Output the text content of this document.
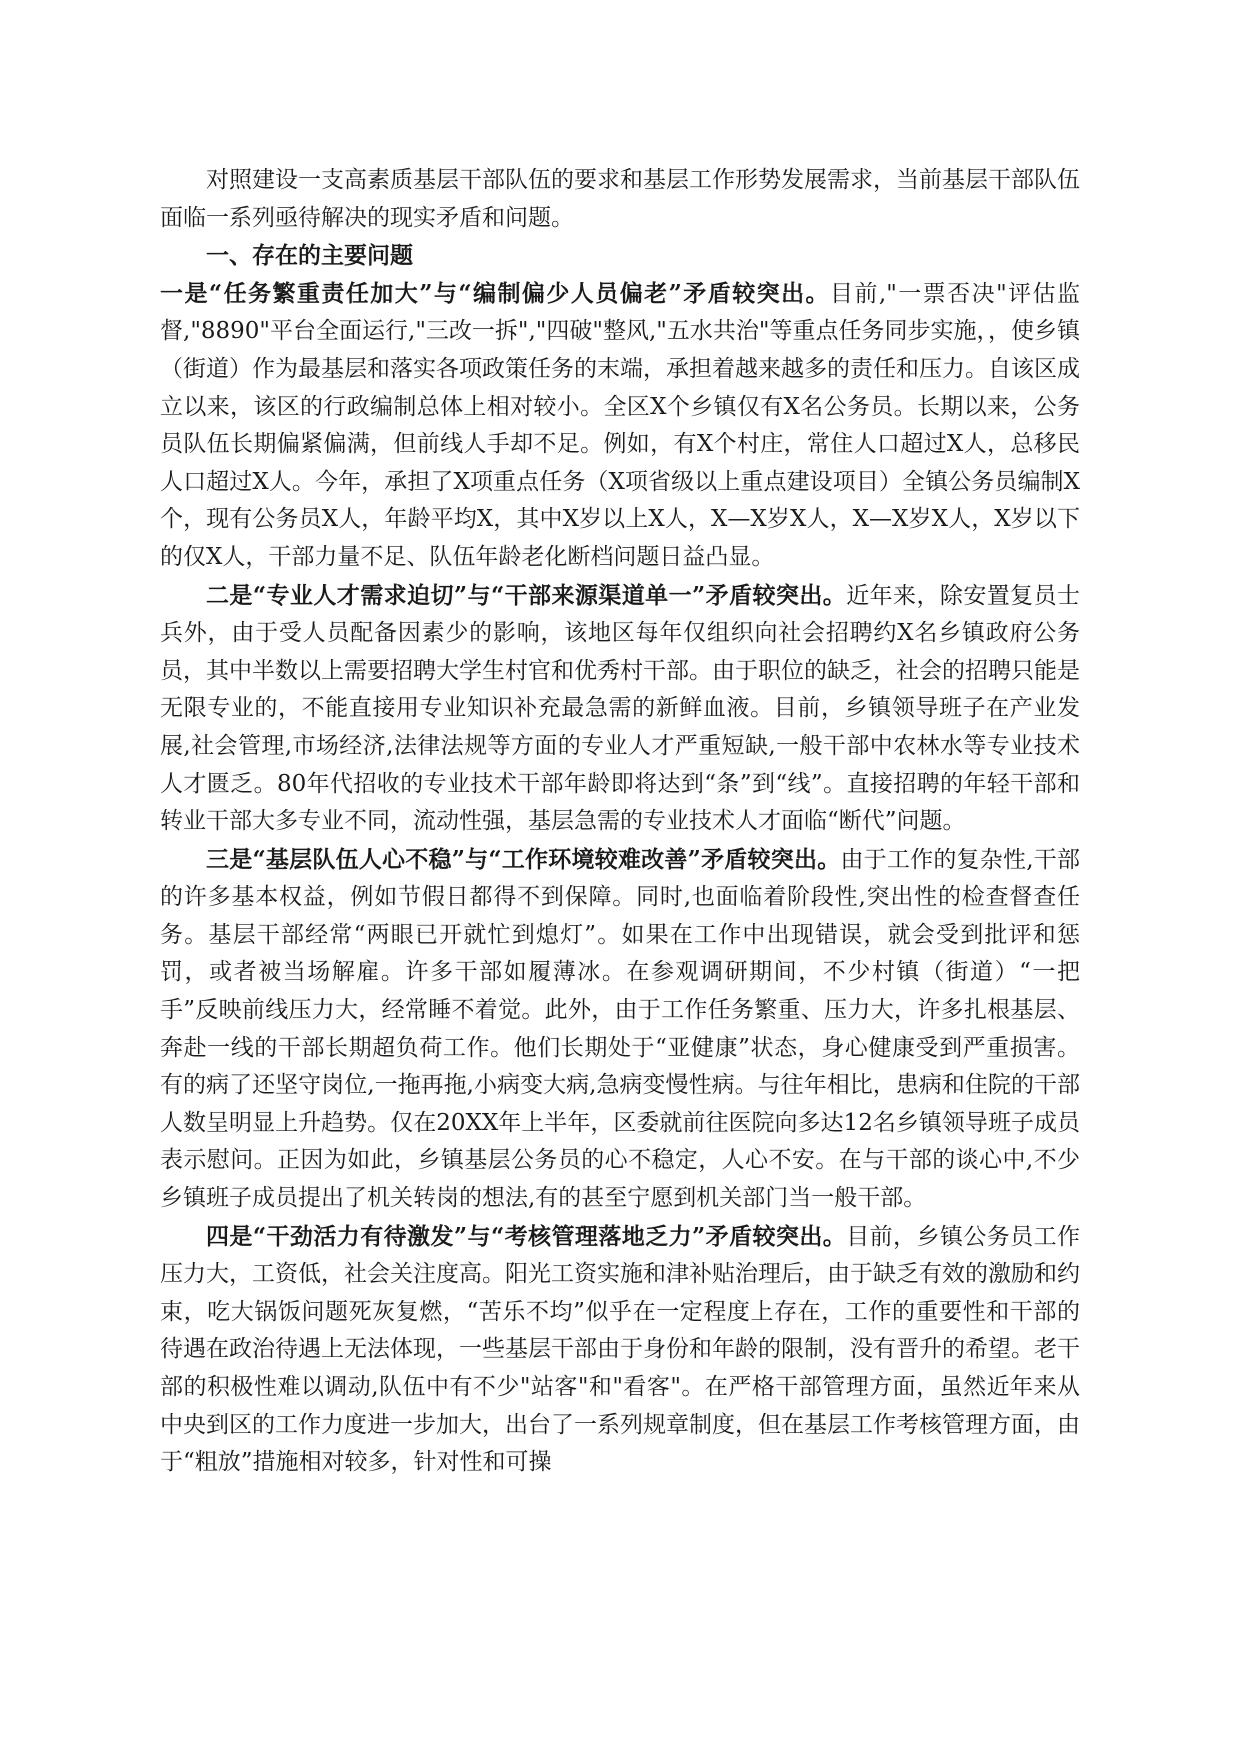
对照建设一支高素质基层干部队伍的要求和基层工作形势发展需求，当前基层干部队伍面临一系列亟待解决的现实矛盾和问题。

一、存在的主要问题

一是“任务繁重责任加大”与“编制偏少人员偏老”矛盾较突出。目前,"一票否决"评估监督,"8890"平台全面运行,"三改一拆","四破"整风,"五水共治"等重点任务同步实施，，使乡镇（街道）作为最基层和落实各项政策任务的末端，承担着越来越多的责任和压力。自该区成立以来，该区的行政编制总体上相对较小。全区X个乡镇仅有X名公务员。长期以来，公务员队伍长期偏紧偏满，但前线人手却不足。例如，有X个村庄，常住人口超过X人，总移民人口超过X人。今年，承担了X项重点任务（X项省级以上重点建设项目）全镇公务员编制X个，现有公务员X人，年龄平均X，其中X岁以上X人，X—X岁X人，X—X岁X人，X岁以下的仅X人，干部力量不足、队伍年龄老化断档问题日益凸显。

二是“专业人才需求迫切”与“干部来源渠道单一”矛盾较突出。近年来，除安置复员士兵外，由于受人员配备因素少的影响，该地区每年仅组织向社会招聘约X名乡镇政府公务员，其中半数以上需要招聘大学生村官和优秀村干部。由于职位的缺乏，社会的招聘只能是无限专业的，不能直接用专业知识补充最急需的新鲜血液。目前，乡镇领导班子在产业发展,社会管理,市场经济,法律法规等方面的专业人才严重短缺,一般干部中农林水等专业技术人才匮乏。80年代招收的专业技术干部年龄即将达到“条”到“线”。直接招聘的年轻干部和转业干部大多专业不同，流动性强，基层急需的专业技术人才面临“断代”问题。

三是“基层队伍人心不稳”与“工作环境较难改善”矛盾较突出。由于工作的复杂性,干部的许多基本权益，例如节假日都得不到保障。同时,也面临着阶段性,突出性的检查督查任务。基层干部经常“两眼已开就忙到熄灯”。如果在工作中出现错误，就会受到批评和惩罚，或者被当场解雇。许多干部如履薄冰。在参观调研期间，不少村镇（街道）“一把手”反映前线压力大，经常睡不着觉。此外，由于工作任务繁重、压力大，许多扎根基层、奔赴一线的干部长期超负荷工作。他们长期处于“亚健康”状态，身心健康受到严重损害。有的病了还坚守岗位,一拖再拖,小病变大病,急病变慢性病。与往年相比，患病和住院的干部人数呈明显上升趋势。仅在20XX年上半年，区委就前往医院向多达12名乡镇领导班子成员表示慰问。正因为如此，乡镇基层公务员的心不稳定，人心不安。在与干部的谈心中,不少乡镇班子成员提出了机关转岗的想法,有的甚至宁愿到机关部门当一般干部。

四是“干劲活力有待激发”与“考核管理落地乏力”矛盾较突出。目前，乡镇公务员工作压力大，工资低，社会关注度高。阳光工资实施和津补贴治理后，由于缺乏有效的激励和约束，吃大锅饭问题死灰复燃，“苦乐不均”似乎在一定程度上存在，工作的重要性和干部的待遇在政治待遇上无法体现，一些基层干部由于身份和年龄的限制，没有晋升的希望。老干部的积极性难以调动,队伍中有不少"站客"和"看客"。在严格干部管理方面，虽然近年来从中央到区的工作力度进一步加大，出台了一系列规章制度，但在基层工作考核管理方面，由于“粗放”措施相对较多，针对性和可操
